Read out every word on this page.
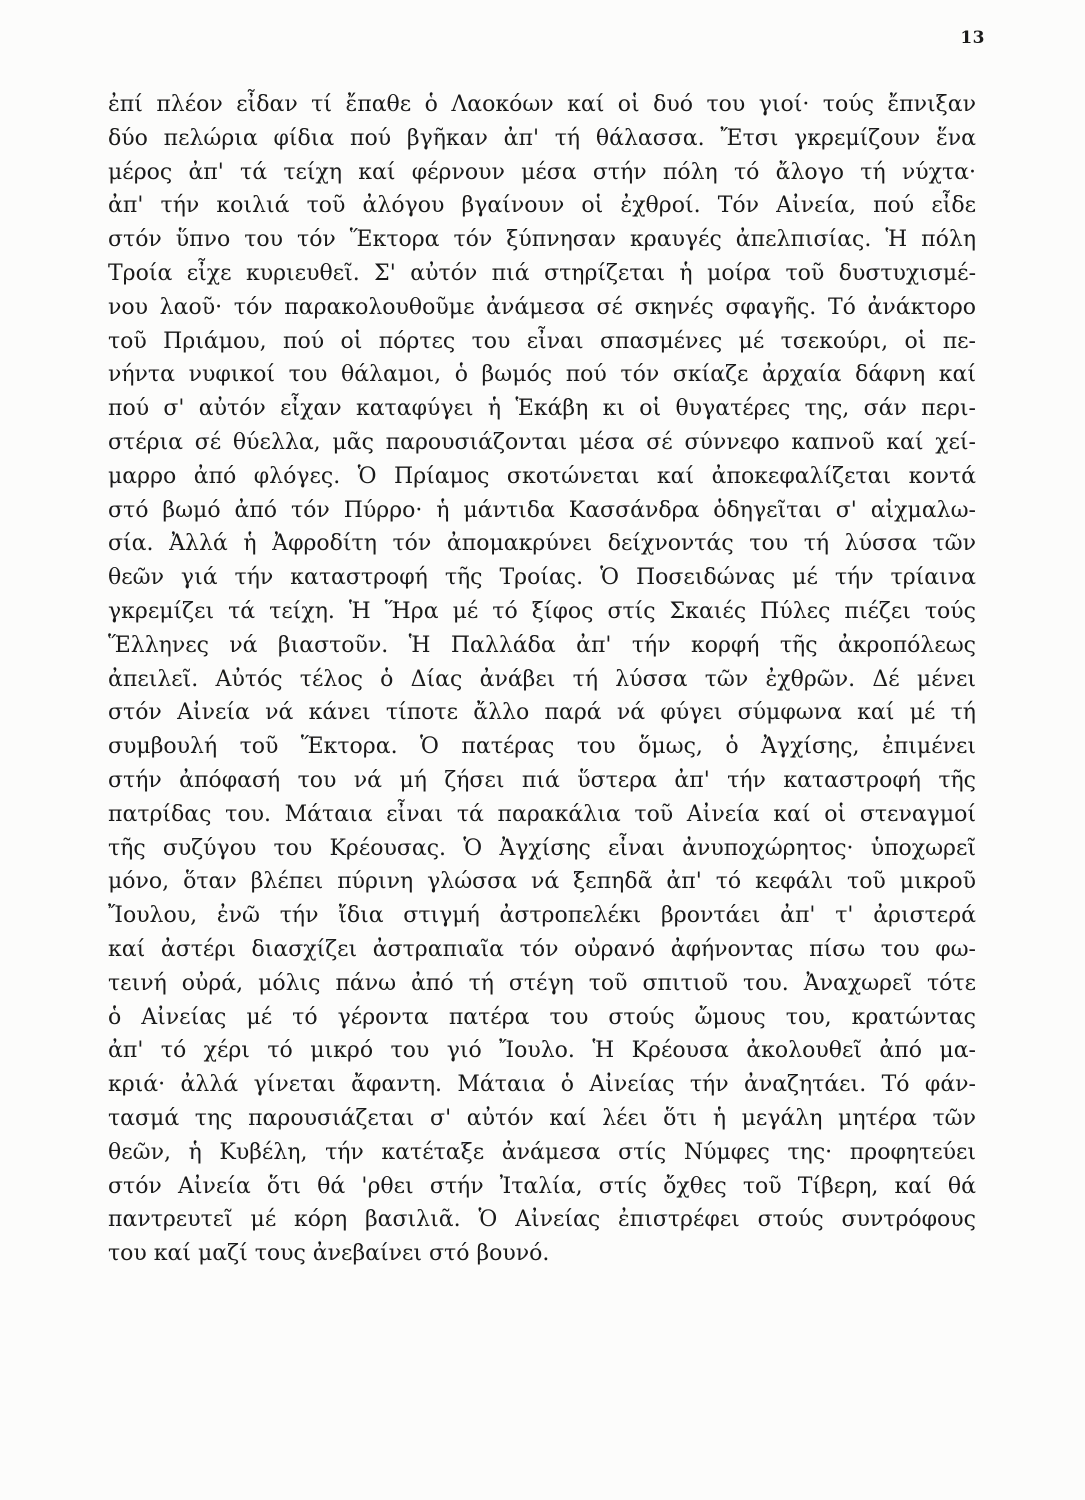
13
ἐπί πλέον εἶδαν τί ἔπαθε ὁ Λαοκόων καί οἱ δυό του γιοί· τούς ἔπνιξαν
δύο πελώρια φίδια πού βγῆκαν ἀπ' τή θάλασσα. Ἔτσι γκρεμίζουν ἕνα
μέρος ἀπ' τά τείχη καί φέρνουν μέσα στήν πόλη τό ἄλογο τή νύχτα·
ἀπ' τήν κοιλιά τοῦ ἀλόγου βγαίνουν οἱ ἐχθροί. Τόν Αἰνεία, πού εἶδε
στόν ὕπνο του τόν Ἕκτορα τόν ξύπνησαν κραυγές ἀπελπισίας. Ἡ πόλη
Τροία εἶχε κυριευθεῖ. Σ' αὐτόν πιά στηρίζεται ἡ μοίρα τοῦ δυστυχισμέ-
νου λαοῦ· τόν παρακολουθοῦμε ἀνάμεσα σέ σκηνές σφαγῆς. Τό ἀνάκτορο
τοῦ Πριάμου, πού οἱ πόρτες του εἶναι σπασμένες μέ τσεκούρι, οἱ πε-
νήντα νυφικοί του θάλαμοι, ὁ βωμός πού τόν σκίαζε ἀρχαία δάφνη καί
πού σ' αὐτόν εἶχαν καταφύγει ἡ Ἑκάβη κι οἱ θυγατέρες της, σάν περι-
στέρια σέ θύελλα, μᾶς παρουσιάζονται μέσα σέ σύννεφο καπνοῦ καί χεί-
μαρρο ἀπό φλόγες. Ὁ Πρίαμος σκοτώνεται καί ἀποκεφαλίζεται κοντά
στό βωμό ἀπό τόν Πύρρο· ἡ μάντιδα Κασσάνδρα ὁδηγεῖται σ' αἰχμαλω-
σία. Ἀλλά ἡ Ἀφροδίτη τόν ἀπομακρύνει δείχνοντάς του τή λύσσα τῶν
θεῶν γιά τήν καταστροφή τῆς Τροίας. Ὁ Ποσειδώνας μέ τήν τρίαινα
γκρεμίζει τά τείχη. Ἡ Ἥρα μέ τό ξίφος στίς Σκαιές Πύλες πιέζει τούς
Ἕλληνες νά βιαστοῦν. Ἡ Παλλάδα ἀπ' τήν κορφή τῆς ἀκροπόλεως
ἀπειλεῖ. Αὐτός τέλος ὁ Δίας ἀνάβει τή λύσσα τῶν ἐχθρῶν. Δέ μένει
στόν Αἰνεία νά κάνει τίποτε ἄλλο παρά νά φύγει σύμφωνα καί μέ τή
συμβουλή τοῦ Ἕκτορα. Ὁ πατέρας του ὅμως, ὁ Ἀγχίσης, ἐπιμένει
στήν ἀπόφασή του νά μή ζήσει πιά ὕστερα ἀπ' τήν καταστροφή τῆς
πατρίδας του. Μάταια εἶναι τά παρακάλια τοῦ Αἰνεία καί οἱ στεναγμοί
τῆς συζύγου του Κρέουσας. Ὁ Ἀγχίσης εἶναι ἀνυποχώρητος· ὑποχωρεῖ
μόνο, ὅταν βλέπει πύρινη γλώσσα νά ξεπηδᾶ ἀπ' τό κεφάλι τοῦ μικροῦ
Ἴουλου, ἐνῶ τήν ἴδια στιγμή ἀστροπελέκι βροντάει ἀπ' τ' ἀριστερά
καί ἀστέρι διασχίζει ἀστραπιαῖα τόν οὐρανό ἀφήνοντας πίσω του φω-
τεινή οὐρά, μόλις πάνω ἀπό τή στέγη τοῦ σπιτιοῦ του. Ἀναχωρεῖ τότε
ὁ Αἰνείας μέ τό γέροντα πατέρα του στούς ὤμους του, κρατώντας
ἀπ' τό χέρι τό μικρό του γιό Ἴουλο. Ἡ Κρέουσα ἀκολουθεῖ ἀπό μα-
κριά· ἀλλά γίνεται ἄφαντη. Μάταια ὁ Αἰνείας τήν ἀναζητάει. Τό φάν-
τασμά της παρουσιάζεται σ' αὐτόν καί λέει ὅτι ἡ μεγάλη μητέρα τῶν
θεῶν, ἡ Κυβέλη, τήν κατέταξε ἀνάμεσα στίς Νύμφες της· προφητεύει
στόν Αἰνεία ὅτι θά 'ρθει στήν Ἰταλία, στίς ὄχθες τοῦ Τίβερη, καί θά
παντρευτεῖ μέ κόρη βασιλιᾶ. Ὁ Αἰνείας ἐπιστρέφει στούς συντρόφους
του καί μαζί τους ἀνεβαίνει στό βουνό.
